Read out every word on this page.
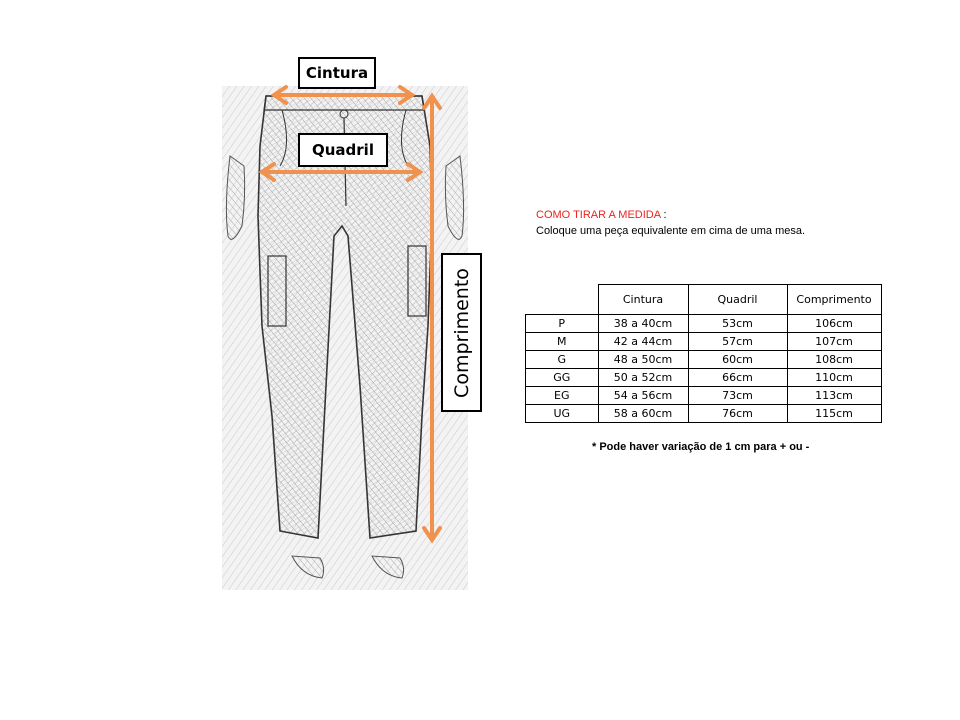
Cintura
Quadril
Comprimento
COMO TIRAR A MEDIDA :
Coloque uma peça equivalente em cima de uma mesa.
	Cintura	Quadril	Comprimento
P	38 a 40cm	53cm	106cm
M	42 a 44cm	57cm	107cm
G	48 a 50cm	60cm	108cm
GG	50 a 52cm	66cm	110cm
EG	54 a 56cm	73cm	113cm
UG	58 a 60cm	76cm	115cm
* Pode haver variação de 1 cm para + ou -
